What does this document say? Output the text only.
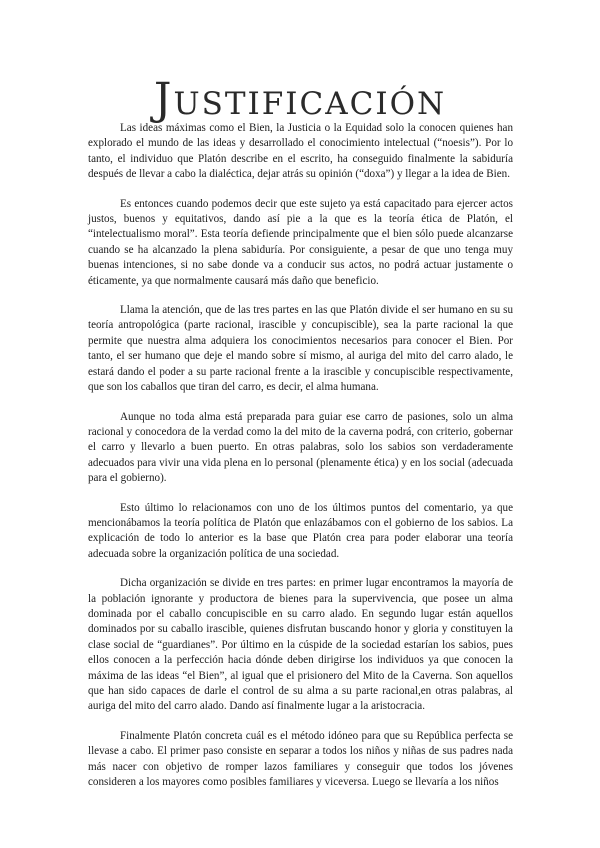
Justificación

Las ideas máximas como el Bien, la Justicia o la Equidad solo la conocen quienes han explorado el mundo de las ideas y desarrollado el conocimiento intelectual (“noesis”). Por lo tanto, el individuo que Platón describe en el escrito, ha conseguido finalmente la sabiduría después de llevar a cabo la dialéctica, dejar atrás su opinión (“doxa”) y llegar a la idea de Bien.

Es entonces cuando podemos decir que este sujeto ya está capacitado para ejercer actos justos, buenos y equitativos, dando así pie a la que es la teoría ética de Platón, el “intelectualismo moral”. Esta teoría defiende principalmente que el bien sólo puede alcanzarse cuando se ha alcanzado la plena sabiduría. Por consiguiente, a pesar de que uno tenga muy buenas intenciones, si no sabe donde va a conducir sus actos, no podrá actuar justamente o éticamente, ya que normalmente causará más daño que beneficio.

Llama la atención, que de las tres partes en las que Platón divide el ser humano en su su teoría antropológica (parte racional, irascible y concupiscible), sea la parte racional la que permite que nuestra alma adquiera los conocimientos necesarios para conocer el Bien. Por tanto, el ser humano que deje el mando sobre sí mismo, al auriga del mito del carro alado, le estará dando el poder a su parte racional frente a la irascible y concupiscible respectivamente, que son los caballos que tiran del carro, es decir, el alma humana.

Aunque no toda alma está preparada para guiar ese carro de pasiones, solo un alma racional y conocedora de la verdad como la del mito de la caverna podrá, con criterio, gobernar el carro y llevarlo a buen puerto. En otras palabras, solo los sabios son verdaderamente adecuados para vivir una vida plena en lo personal (plenamente ética) y en los social (adecuada para el gobierno).

Esto último lo relacionamos con uno de los últimos puntos del comentario, ya que mencionábamos la teoría política de Platón que enlazábamos con el gobierno de los sabios. La explicación de todo lo anterior es la base que Platón crea para poder elaborar una teoría adecuada sobre la organización política de una sociedad.

Dicha organización se divide en tres partes: en primer lugar encontramos la mayoría de la población ignorante y productora de bienes para la supervivencia, que posee un alma dominada por el caballo concupiscible en su carro alado. En segundo lugar están aquellos dominados por su caballo irascible, quienes disfrutan buscando honor y gloria y constituyen la clase social de “guardianes”. Por último en la cúspide de la sociedad estarían los sabios, pues ellos conocen a la perfección hacia dónde deben dirigirse los individuos ya que conocen la máxima de las ideas “el Bien”, al igual que el prisionero del Mito de la Caverna. Son aquellos que han sido capaces de darle el control de su alma a su parte racional,en otras palabras, al auriga del mito del carro alado. Dando así finalmente lugar a la aristocracia.

Finalmente Platón concreta cuál es el método idóneo para que su República perfecta se llevase a cabo. El primer paso consiste en separar a todos los niños y niñas de sus padres nada más nacer con objetivo de romper lazos familiares y conseguir que todos los jóvenes consideren a los mayores como posibles familiares y viceversa. Luego se llevaría a los niños
